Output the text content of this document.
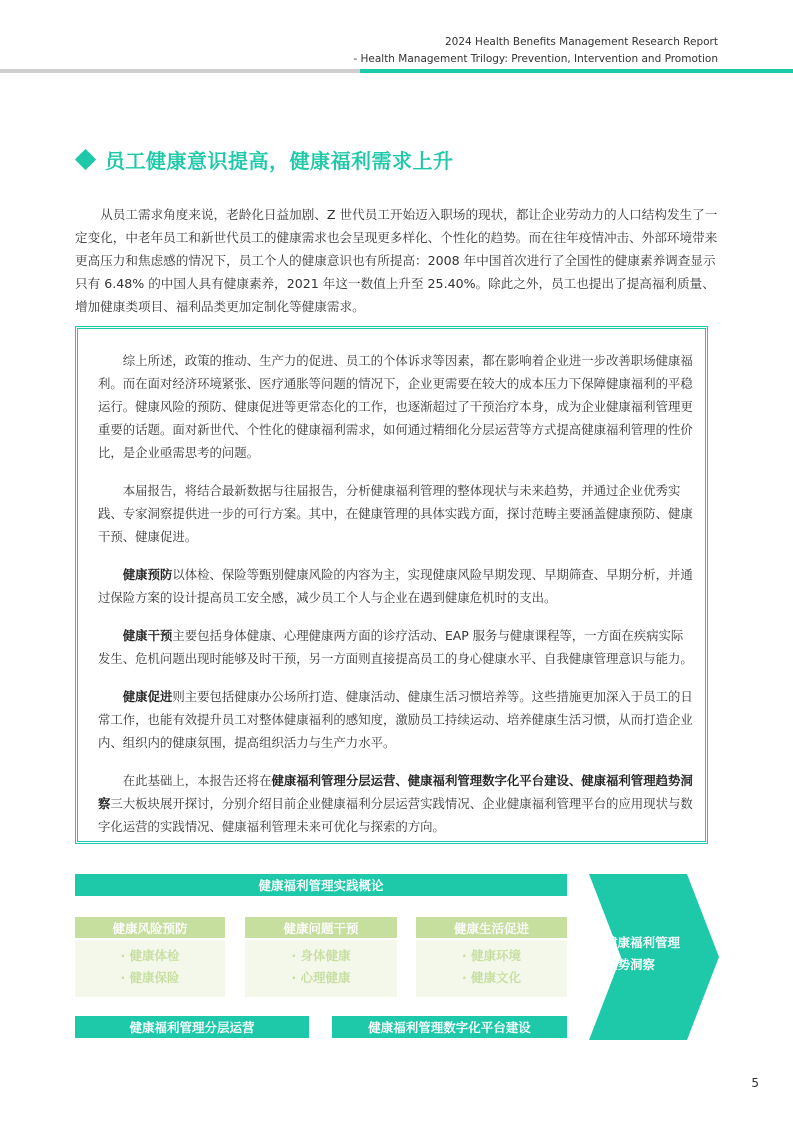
2024 Health Benefits Management Research Report
- Health Management Trilogy: Prevention, Intervention and Promotion
员工健康意识提高，健康福利需求上升

从员工需求角度来说，老龄化日益加剧、Z 世代员工开始迈入职场的现状，都让企业劳动力的人口结构发生了一定变化，中老年员工和新世代员工的健康需求也会呈现更多样化、个性化的趋势。而在往年疫情冲击、外部环境带来更高压力和焦虑感的情况下，员工个人的健康意识也有所提高：2008 年中国首次进行了全国性的健康素养调查显示只有 6.48% 的中国人具有健康素养，2021 年这一数值上升至 25.40%。除此之外，员工也提出了提高福利质量、增加健康类项目、福利品类更加定制化等健康需求。

综上所述，政策的推动、生产力的促进、员工的个体诉求等因素，都在影响着企业进一步改善职场健康福利。而在面对经济环境紧张、医疗通胀等问题的情况下，企业更需要在较大的成本压力下保障健康福利的平稳运行。健康风险的预防、健康促进等更常态化的工作，也逐渐超过了干预治疗本身，成为企业健康福利管理更重要的话题。面对新世代、个性化的健康福利需求，如何通过精细化分层运营等方式提高健康福利管理的性价比，是企业亟需思考的问题。

本届报告，将结合最新数据与往届报告，分析健康福利管理的整体现状与未来趋势，并通过企业优秀实践、专家洞察提供进一步的可行方案。其中，在健康管理的具体实践方面，探讨范畴主要涵盖健康预防、健康干预、健康促进。

健康预防以体检、保险等甄别健康风险的内容为主，实现健康风险早期发现、早期筛查、早期分析，并通过保险方案的设计提高员工安全感，减少员工个人与企业在遇到健康危机时的支出。

健康干预主要包括身体健康、心理健康两方面的诊疗活动、EAP 服务与健康课程等，一方面在疾病实际发生、危机问题出现时能够及时干预，另一方面则直接提高员工的身心健康水平、自我健康管理意识与能力。

健康促进则主要包括健康办公场所打造、健康活动、健康生活习惯培养等。这些措施更加深入于员工的日常工作，也能有效提升员工对整体健康福利的感知度，激励员工持续运动、培养健康生活习惯，从而打造企业内、组织内的健康氛围，提高组织活力与生产力水平。

在此基础上，本报告还将在健康福利管理分层运营、健康福利管理数字化平台建设、健康福利管理趋势洞察三大板块展开探讨，分别介绍目前企业健康福利分层运营实践情况、企业健康福利管理平台的应用现状与数字化运营的实践情况、健康福利管理未来可优化与探索的方向。

健康福利管理实践概论
健康风险预防
· 健康体检
· 健康保险
健康问题干预
· 身体健康
· 心理健康
健康生活促进
· 健康环境
· 健康文化
健康福利管理分层运营	健康福利管理数字化平台建设
健康福利管理
趋势洞察
5
